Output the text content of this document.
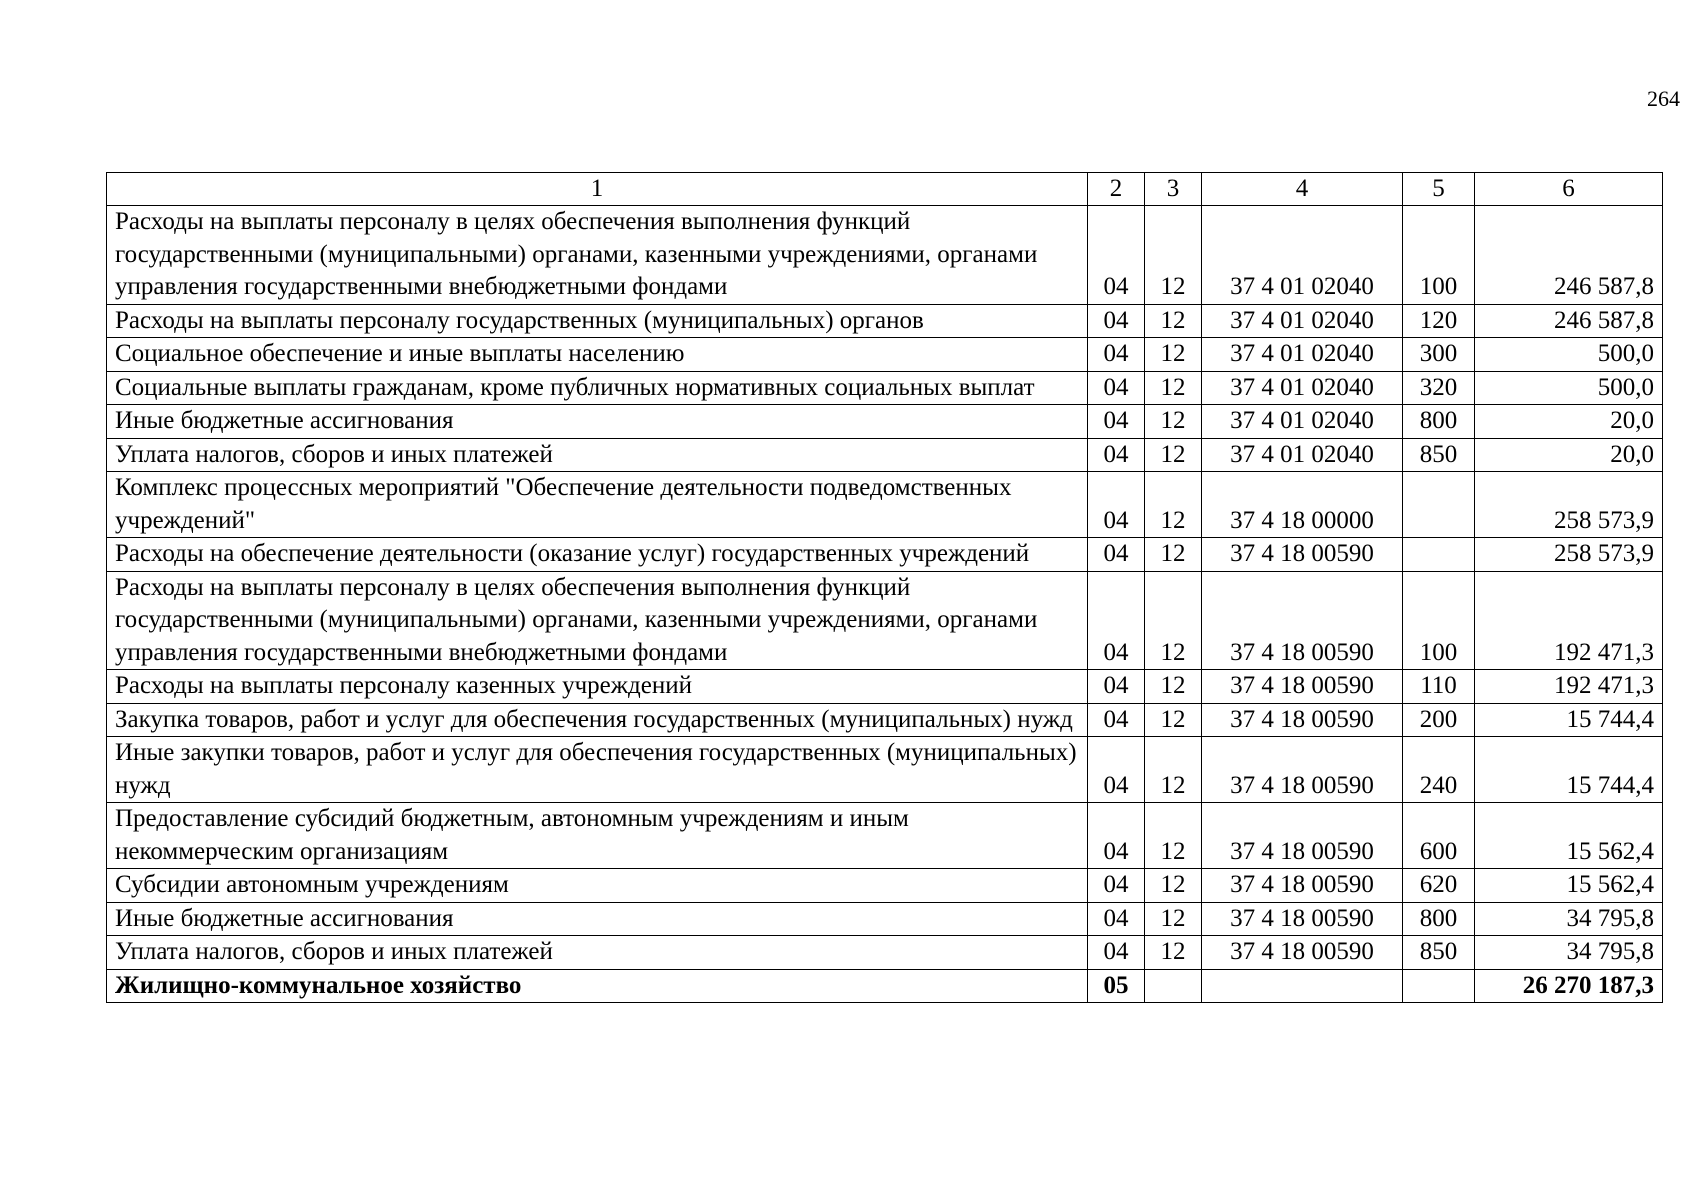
264
1	2	3	4	5	6
Расходы на выплаты персоналу в целях обеспечения выполнения функций государственными (муниципальными) органами, казенными учреждениями, органами управления государственными внебюджетными фондами	04	12	37 4 01 02040	100	246 587,8
Расходы на выплаты персоналу государственных (муниципальных) органов	04	12	37 4 01 02040	120	246 587,8
Социальное обеспечение и иные выплаты населению	04	12	37 4 01 02040	300	500,0
Социальные выплаты гражданам, кроме публичных нормативных социальных выплат	04	12	37 4 01 02040	320	500,0
Иные бюджетные ассигнования	04	12	37 4 01 02040	800	20,0
Уплата налогов, сборов и иных платежей	04	12	37 4 01 02040	850	20,0
Комплекс процессных мероприятий "Обеспечение деятельности подведомственных учреждений"	04	12	37 4 18 00000		258 573,9
Расходы на обеспечение деятельности (оказание услуг) государственных учреждений	04	12	37 4 18 00590		258 573,9
Расходы на выплаты персоналу в целях обеспечения выполнения функций государственными (муниципальными) органами, казенными учреждениями, органами управления государственными внебюджетными фондами	04	12	37 4 18 00590	100	192 471,3
Расходы на выплаты персоналу казенных учреждений	04	12	37 4 18 00590	110	192 471,3
Закупка товаров, работ и услуг для обеспечения государственных (муниципальных) нужд	04	12	37 4 18 00590	200	15 744,4
Иные закупки товаров, работ и услуг для обеспечения государственных (муниципальных) нужд	04	12	37 4 18 00590	240	15 744,4
Предоставление субсидий бюджетным, автономным учреждениям и иным некоммерческим организациям	04	12	37 4 18 00590	600	15 562,4
Субсидии автономным учреждениям	04	12	37 4 18 00590	620	15 562,4
Иные бюджетные ассигнования	04	12	37 4 18 00590	800	34 795,8
Уплата налогов, сборов и иных платежей	04	12	37 4 18 00590	850	34 795,8
Жилищно-коммунальное хозяйство	05				26 270 187,3
